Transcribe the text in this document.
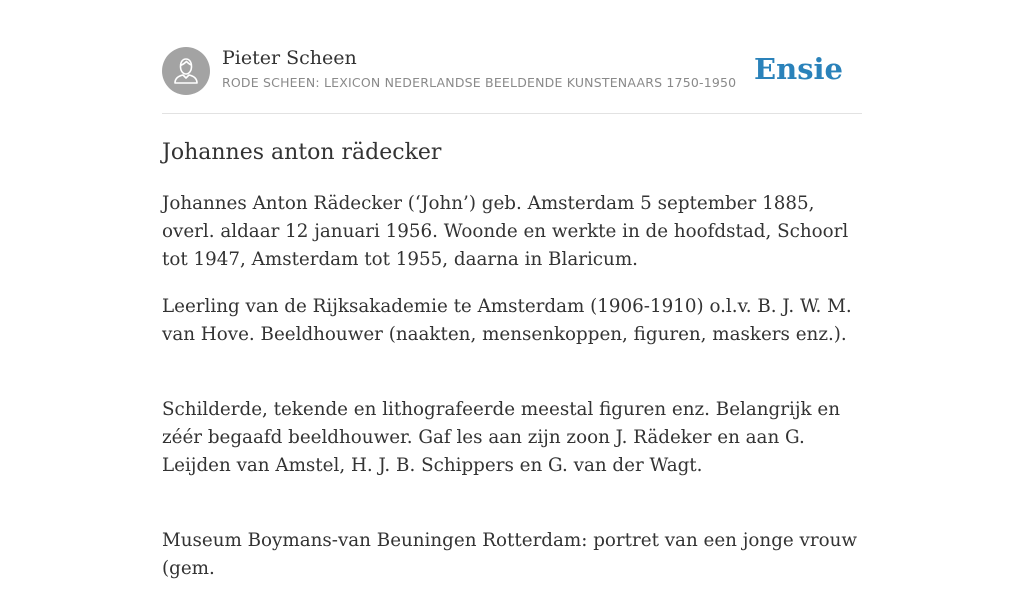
Pieter Scheen
RODE SCHEEN: LEXICON NEDERLANDSE BEELDENDE KUNSTENAARS 1750-1950 Ensie
Johannes anton rädecker

Johannes Anton Rädecker (‘John’) geb. Amsterdam 5 september 1885, overl. aldaar 12 januari 1956. Woonde en werkte in de hoofdstad, Schoorl tot 1947, Amsterdam tot 1955, daarna in Blaricum.

Leerling van de Rijksakademie te Amsterdam (1906-1910) o.l.v. B. J. W. M. van Hove. Beeldhouwer (naakten, mensenkoppen, figuren, maskers enz.).

Schilderde, tekende en lithografeerde meestal figuren enz. Belangrijk en zéér begaafd beeldhouwer. Gaf les aan zijn zoon J. Rädeker en aan G. Leijden van Amstel, H. J. B. Schippers en G. van der Wagt.

Museum Boymans-van Beuningen Rotterdam: portret van een jonge vrouw (gem.
